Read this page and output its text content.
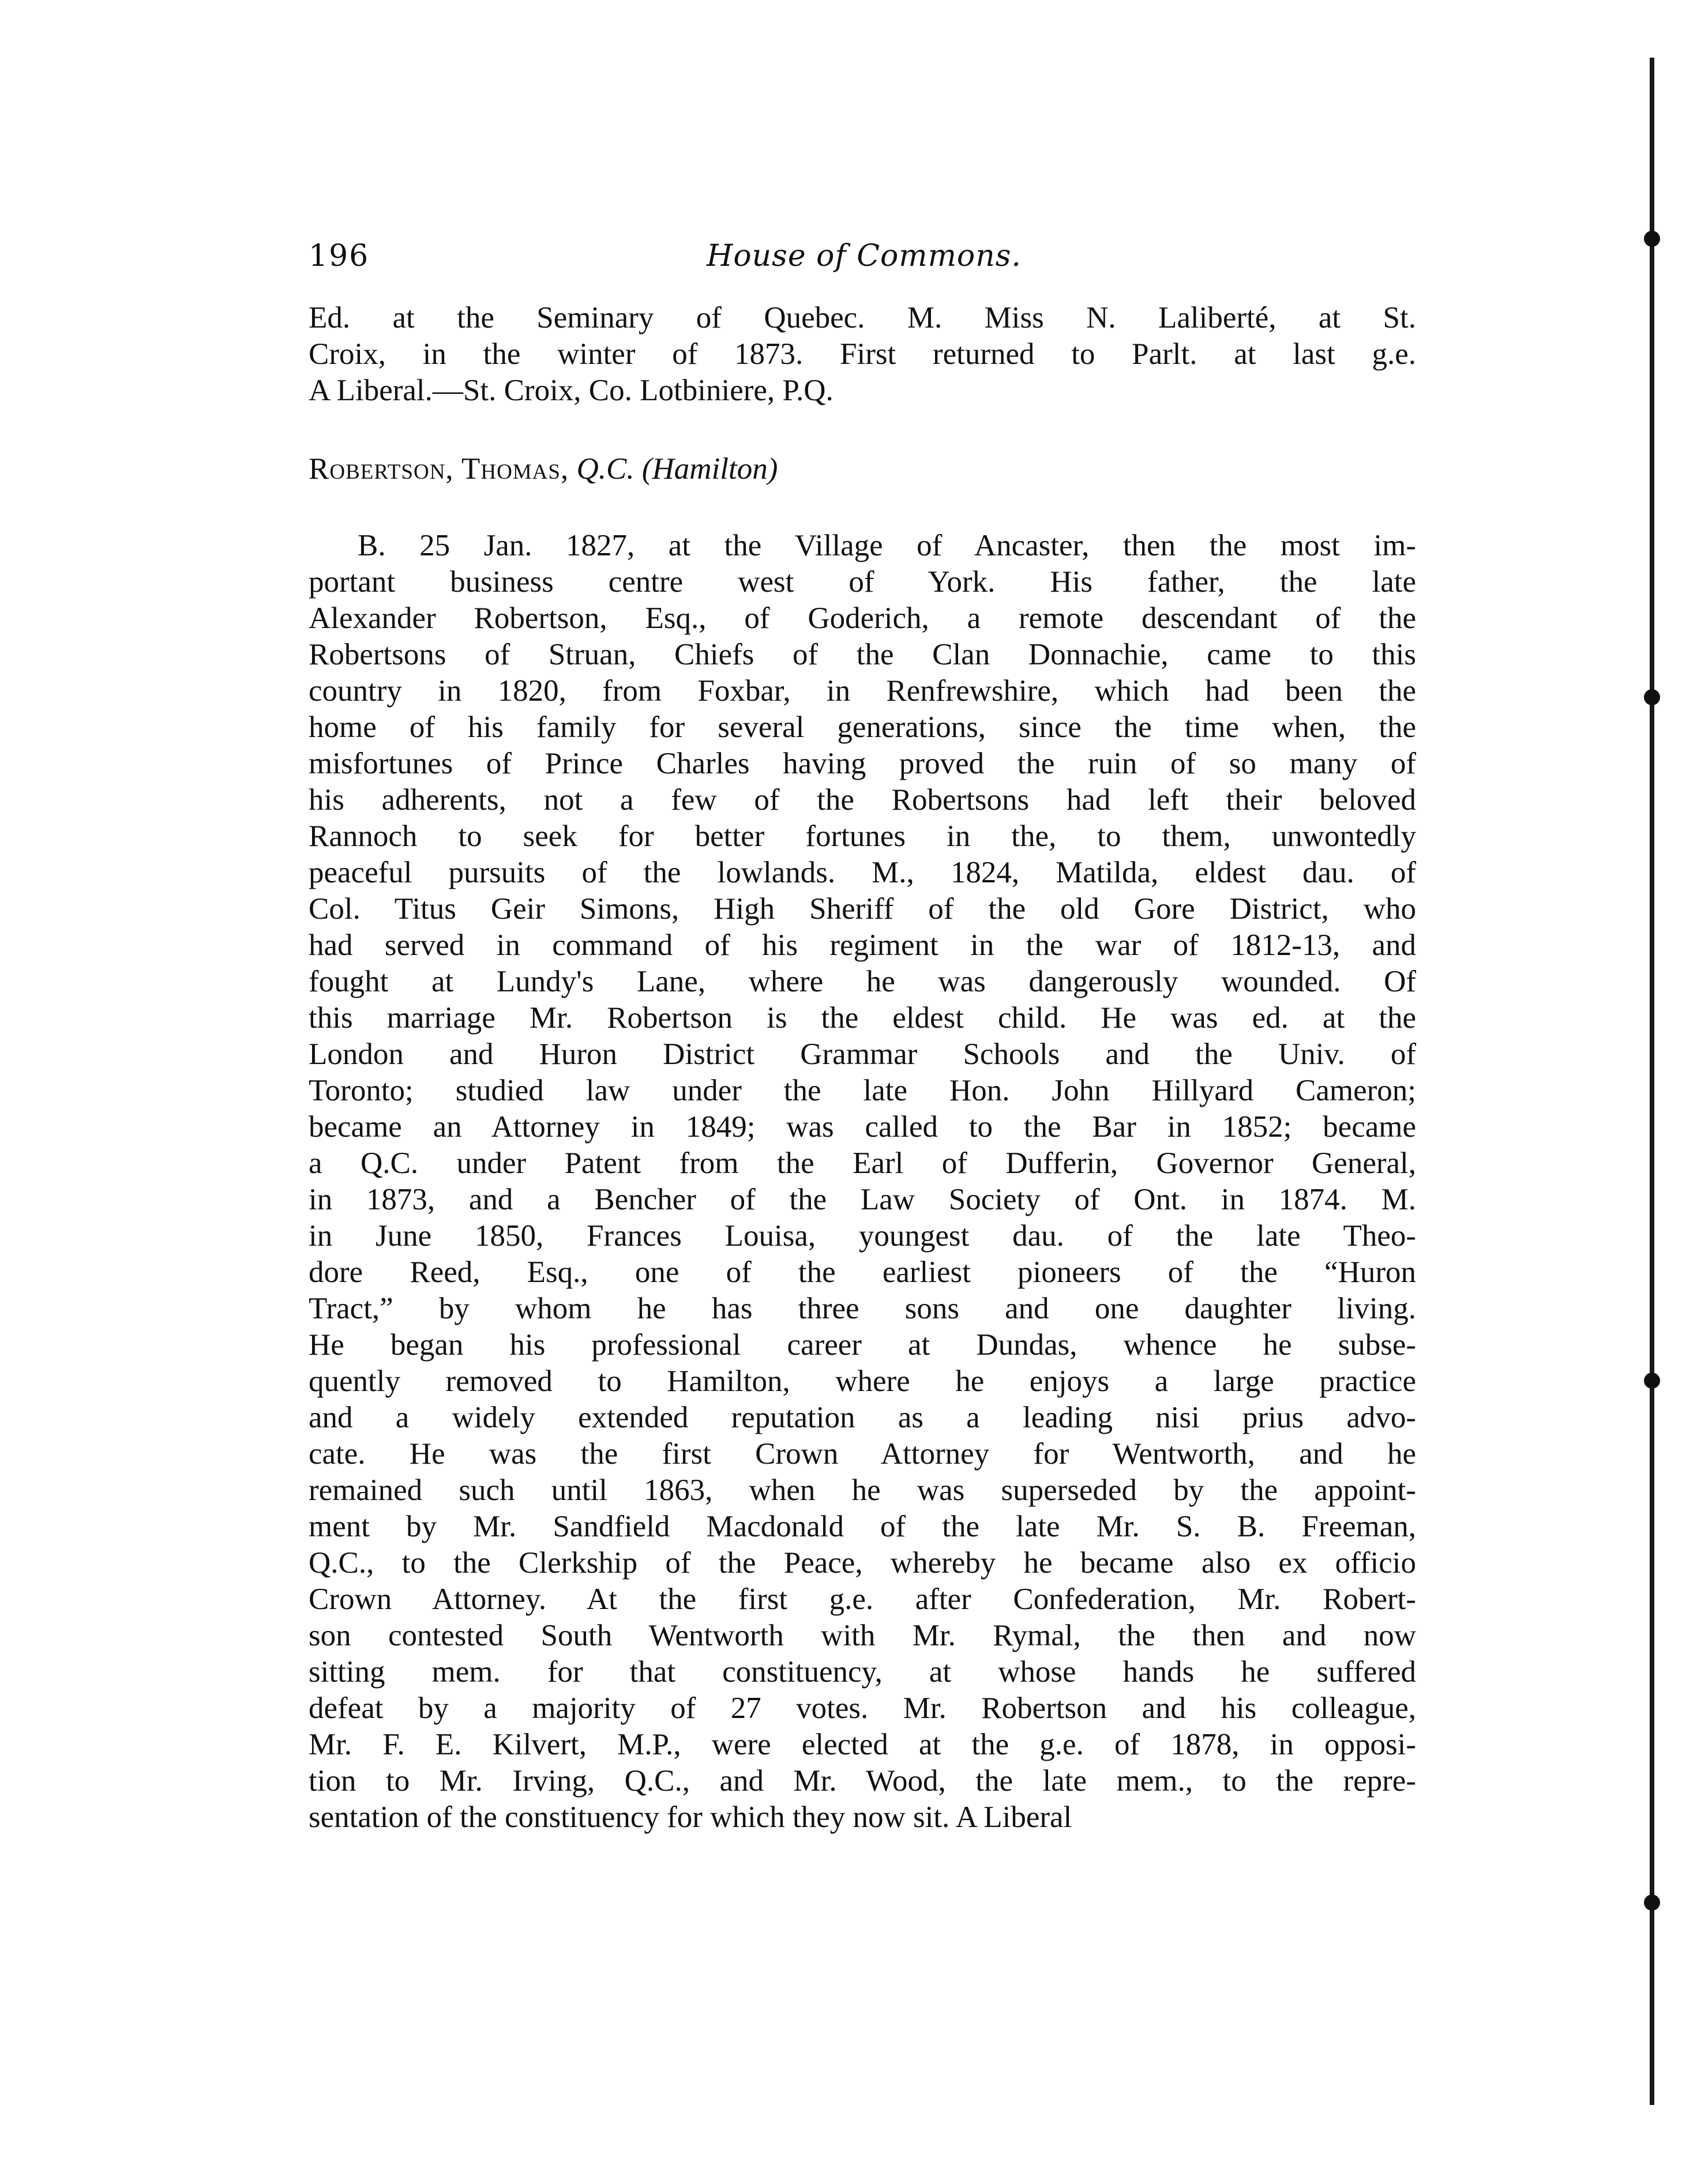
196	House of Commons.
Ed. at the Seminary of Quebec. M. Miss N. Laliberté, at St.
Croix, in the winter of 1873. First returned to Parlt. at last g.e.
A Liberal.—St. Croix, Co. Lotbiniere, P.Q.
Robertson, Thomas, Q.C. (Hamilton)
B. 25 Jan. 1827, at the Village of Ancaster, then the most im-
portant business centre west of York. His father, the late
Alexander Robertson, Esq., of Goderich, a remote descendant of the
Robertsons of Struan, Chiefs of the Clan Donnachie, came to this
country in 1820, from Foxbar, in Renfrewshire, which had been the
home of his family for several generations, since the time when, the
misfortunes of Prince Charles having proved the ruin of so many of
his adherents, not a few of the Robertsons had left their beloved
Rannoch to seek for better fortunes in the, to them, unwontedly
peaceful pursuits of the lowlands. M., 1824, Matilda, eldest dau. of
Col. Titus Geir Simons, High Sheriff of the old Gore District, who
had served in command of his regiment in the war of 1812-13, and
fought at Lundy's Lane, where he was dangerously wounded. Of
this marriage Mr. Robertson is the eldest child. He was ed. at the
London and Huron District Grammar Schools and the Univ. of
Toronto; studied law under the late Hon. John Hillyard Cameron;
became an Attorney in 1849; was called to the Bar in 1852; became
a Q.C. under Patent from the Earl of Dufferin, Governor General,
in 1873, and a Bencher of the Law Society of Ont. in 1874. M.
in June 1850, Frances Louisa, youngest dau. of the late Theo-
dore Reed, Esq., one of the earliest pioneers of the “Huron
Tract,” by whom he has three sons and one daughter living.
He began his professional career at Dundas, whence he subse-
quently removed to Hamilton, where he enjoys a large practice
and a widely extended reputation as a leading nisi prius advo-
cate. He was the first Crown Attorney for Wentworth, and he
remained such until 1863, when he was superseded by the appoint-
ment by Mr. Sandfield Macdonald of the late Mr. S. B. Freeman,
Q.C., to the Clerkship of the Peace, whereby he became also ex officio
Crown Attorney. At the first g.e. after Confederation, Mr. Robert-
son contested South Wentworth with Mr. Rymal, the then and now
sitting mem. for that constituency, at whose hands he suffered
defeat by a majority of 27 votes. Mr. Robertson and his colleague,
Mr. F. E. Kilvert, M.P., were elected at the g.e. of 1878, in opposi-
tion to Mr. Irving, Q.C., and Mr. Wood, the late mem., to the repre-
sentation of the constituency for which they now sit. A Liberal
